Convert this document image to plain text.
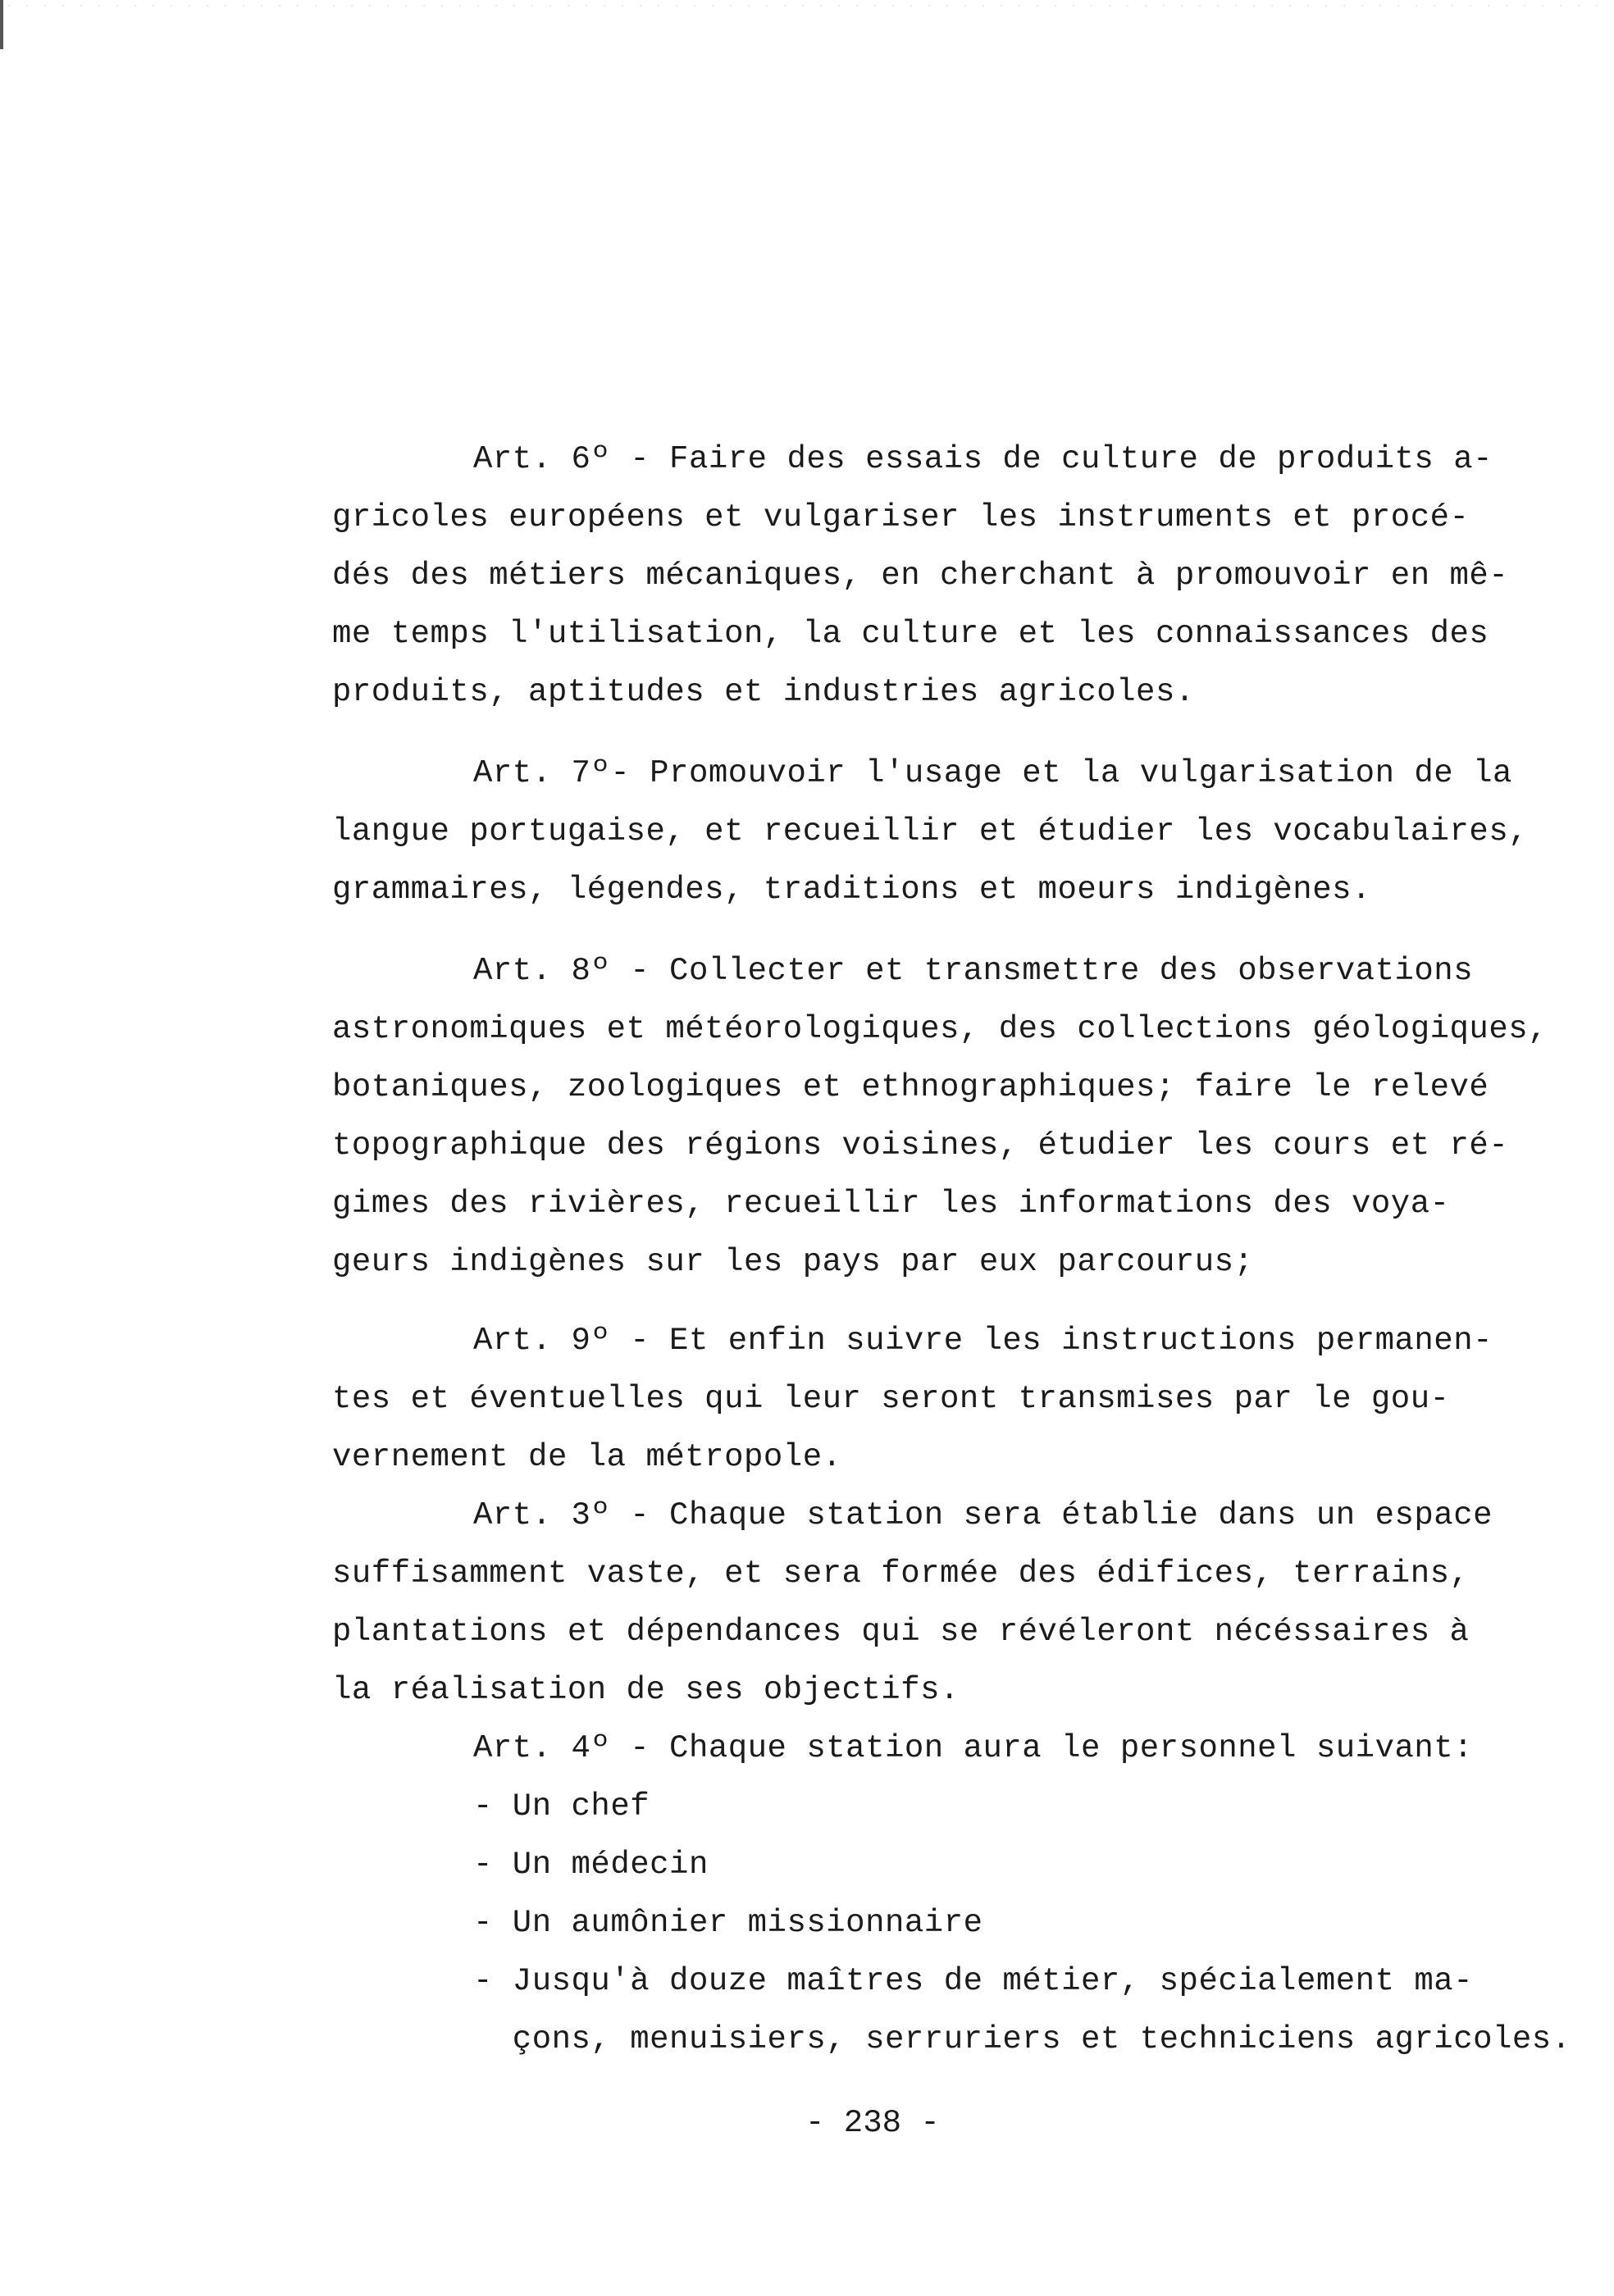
Art. 6º - Faire des essais de culture de produits a-
gricoles européens et vulgariser les instruments et procé-
dés des métiers mécaniques, en cherchant à promouvoir en mê-
me temps l'utilisation, la culture et les connaissances des
produits, aptitudes et industries agricoles.
Art. 7º- Promouvoir l'usage et la vulgarisation de la
langue portugaise, et recueillir et étudier les vocabulaires,
grammaires, légendes, traditions et moeurs indigènes.
Art. 8º - Collecter et transmettre des observations
astronomiques et météorologiques, des collections géologiques,
botaniques, zoologiques et ethnographiques; faire le relevé
topographique des régions voisines, étudier les cours et ré-
gimes des rivières, recueillir les informations des voya-
geurs indigènes sur les pays par eux parcourus;
Art. 9º - Et enfin suivre les instructions permanen-
tes et éventuelles qui leur seront transmises par le gou-
vernement de la métropole.
Art. 3º - Chaque station sera établie dans un espace
suffisamment vaste, et sera formée des édifices, terrains,
plantations et dépendances qui se révéleront nécéssaires à
la réalisation de ses objectifs.
Art. 4º - Chaque station aura le personnel suivant:
- Un chef
- Un médecin
- Un aumônier missionnaire
- Jusqu'à douze maîtres de métier, spécialement ma-
çons, menuisiers, serruriers et techniciens agricoles.
- 238 -
